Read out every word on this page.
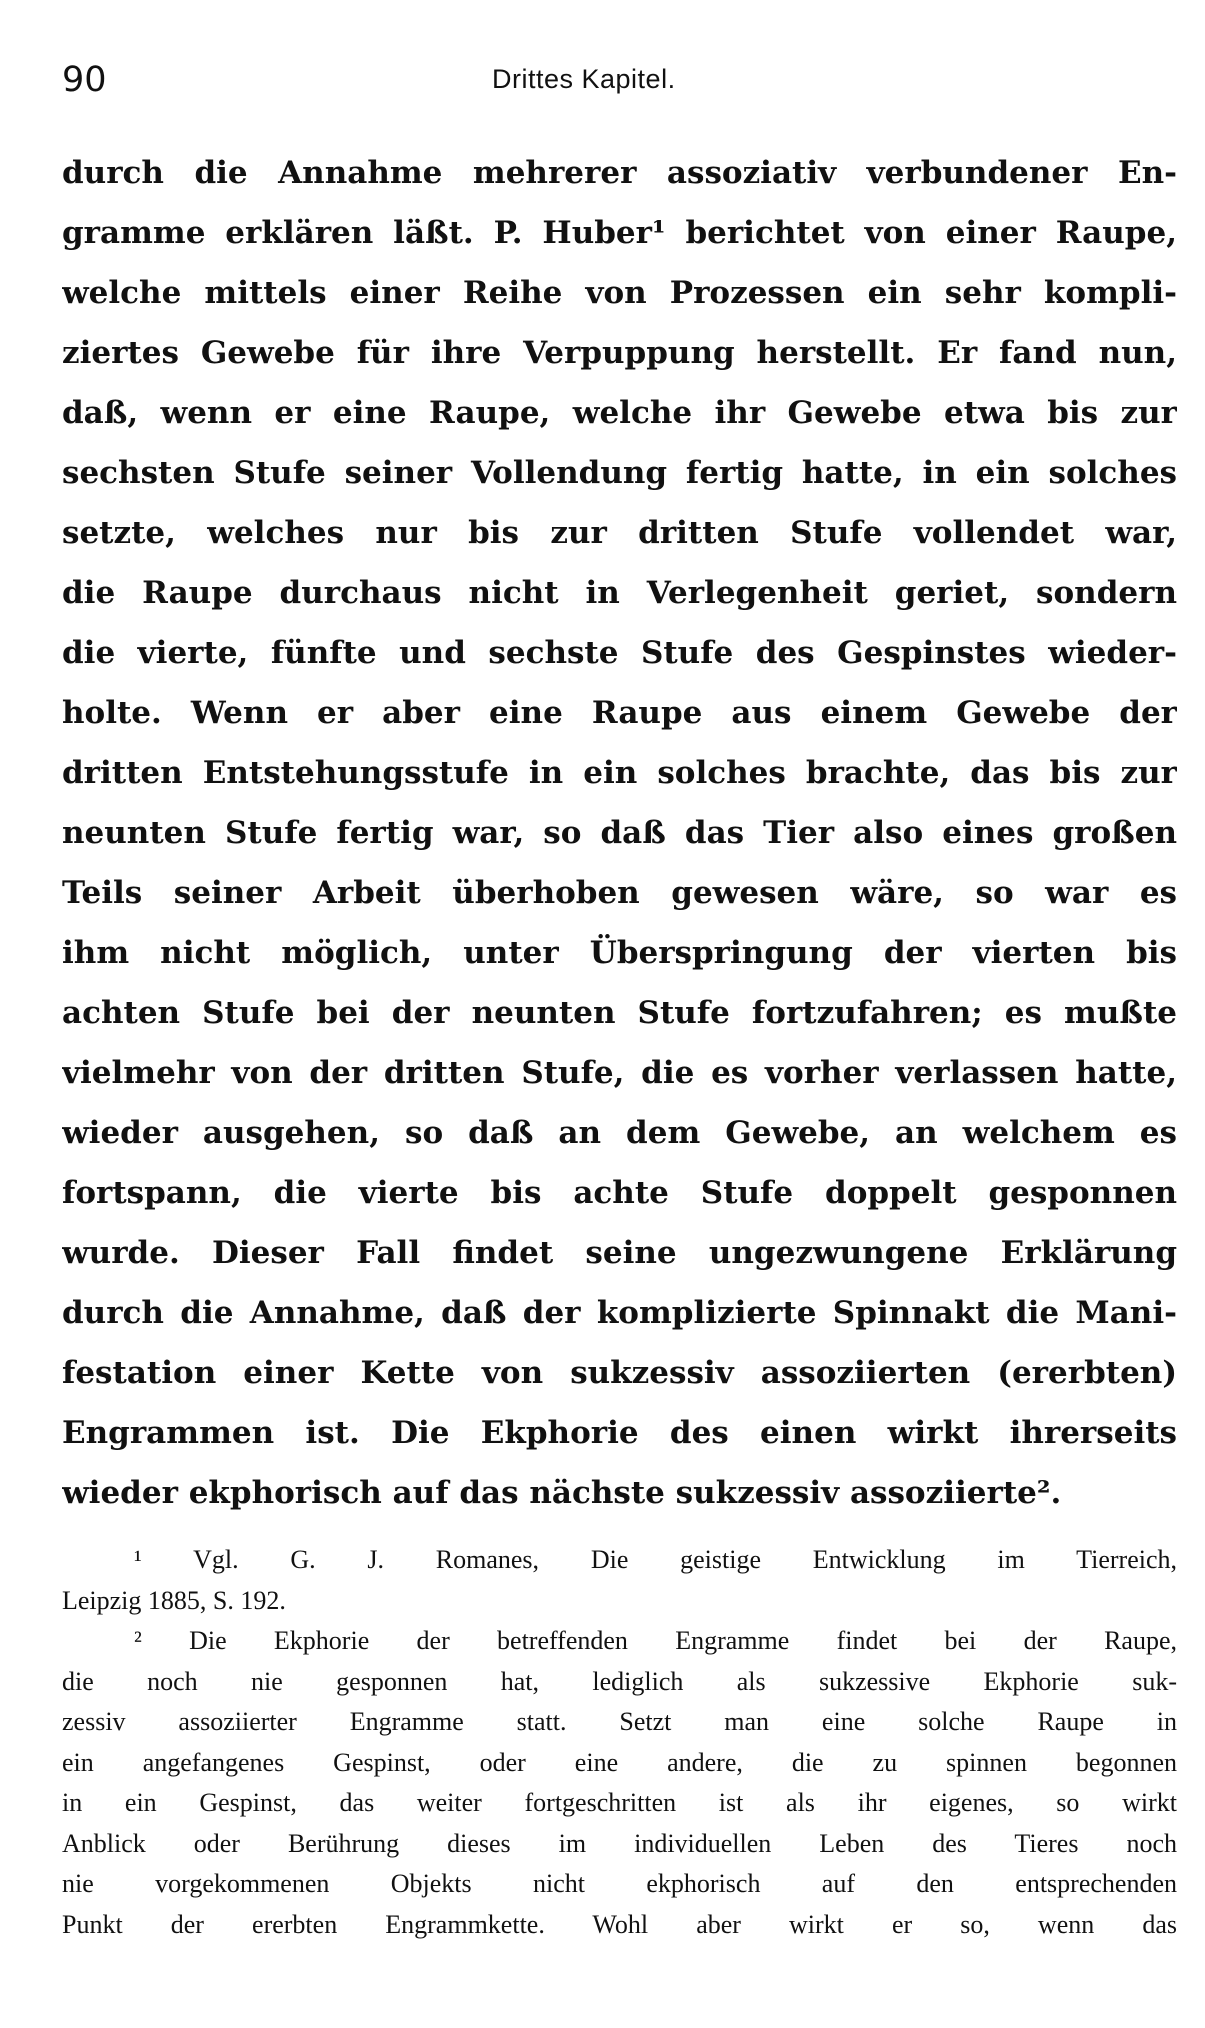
90	Drittes Kapitel.
durch die Annahme mehrerer assoziativ verbundener En-
gramme erklären läßt. P. Huber¹ berichtet von einer Raupe,
welche mittels einer Reihe von Prozessen ein sehr kompli-
ziertes Gewebe für ihre Verpuppung herstellt. Er fand nun,
daß, wenn er eine Raupe, welche ihr Gewebe etwa bis zur
sechsten Stufe seiner Vollendung fertig hatte, in ein solches
setzte, welches nur bis zur dritten Stufe vollendet war,
die Raupe durchaus nicht in Verlegenheit geriet, sondern
die vierte, fünfte und sechste Stufe des Gespinstes wieder-
holte. Wenn er aber eine Raupe aus einem Gewebe der
dritten Entstehungsstufe in ein solches brachte, das bis zur
neunten Stufe fertig war, so daß das Tier also eines großen
Teils seiner Arbeit überhoben gewesen wäre, so war es
ihm nicht möglich, unter Überspringung der vierten bis
achten Stufe bei der neunten Stufe fortzufahren; es mußte
vielmehr von der dritten Stufe, die es vorher verlassen hatte,
wieder ausgehen, so daß an dem Gewebe, an welchem es
fortspann, die vierte bis achte Stufe doppelt gesponnen
wurde. Dieser Fall findet seine ungezwungene Erklärung
durch die Annahme, daß der komplizierte Spinnakt die Mani-
festation einer Kette von sukzessiv assoziierten (ererbten)
Engrammen ist. Die Ekphorie des einen wirkt ihrerseits
wieder ekphorisch auf das nächste sukzessiv assoziierte².
¹ Vgl. G. J. Romanes, Die geistige Entwicklung im Tierreich,
Leipzig 1885, S. 192.
² Die Ekphorie der betreffenden Engramme findet bei der Raupe,
die noch nie gesponnen hat, lediglich als sukzessive Ekphorie suk-
zessiv assoziierter Engramme statt. Setzt man eine solche Raupe in
ein angefangenes Gespinst, oder eine andere, die zu spinnen begonnen
in ein Gespinst, das weiter fortgeschritten ist als ihr eigenes, so wirkt
Anblick oder Berührung dieses im individuellen Leben des Tieres noch
nie vorgekommenen Objekts nicht ekphorisch auf den entsprechenden
Punkt der ererbten Engrammkette. Wohl aber wirkt er so, wenn das
